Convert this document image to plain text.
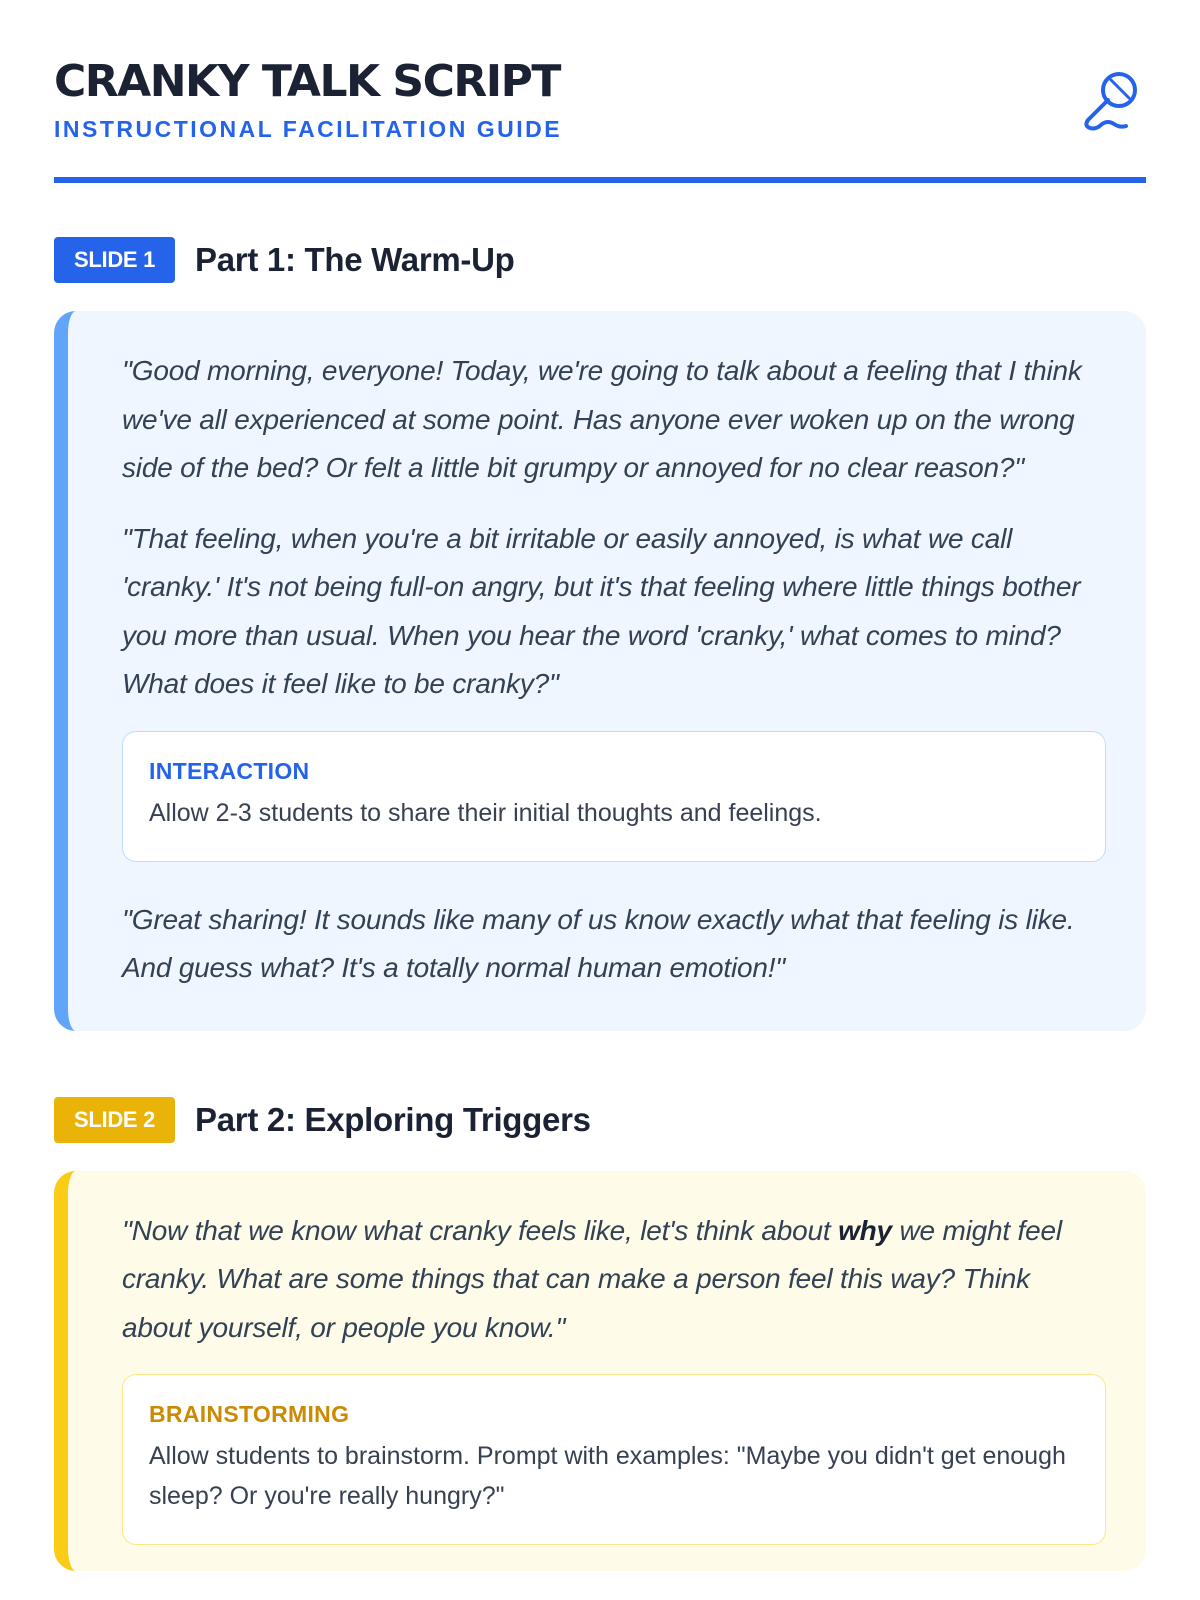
CRANKY TALK SCRIPT
INSTRUCTIONAL FACILITATION GUIDE
SLIDE 1	Part 1: The Warm-Up

"Good morning, everyone! Today, we're going to talk about a feeling that I think we've all experienced at some point. Has anyone ever woken up on the wrong side of the bed? Or felt a little bit grumpy or annoyed for no clear reason?"

"That feeling, when you're a bit irritable or easily annoyed, is what we call 'cranky.' It's not being full-on angry, but it's that feeling where little things bother you more than usual. When you hear the word 'cranky,' what comes to mind? What does it feel like to be cranky?"

INTERACTION
Allow 2-3 students to share their initial thoughts and feelings.

"Great sharing! It sounds like many of us know exactly what that feeling is like. And guess what? It's a totally normal human emotion!"

SLIDE 2	Part 2: Exploring Triggers

"Now that we know what cranky feels like, let's think about why we might feel cranky. What are some things that can make a person feel this way? Think about yourself, or people you know."

BRAINSTORMING
Allow students to brainstorm. Prompt with examples: "Maybe you didn't get enough sleep? Or you're really hungry?"
